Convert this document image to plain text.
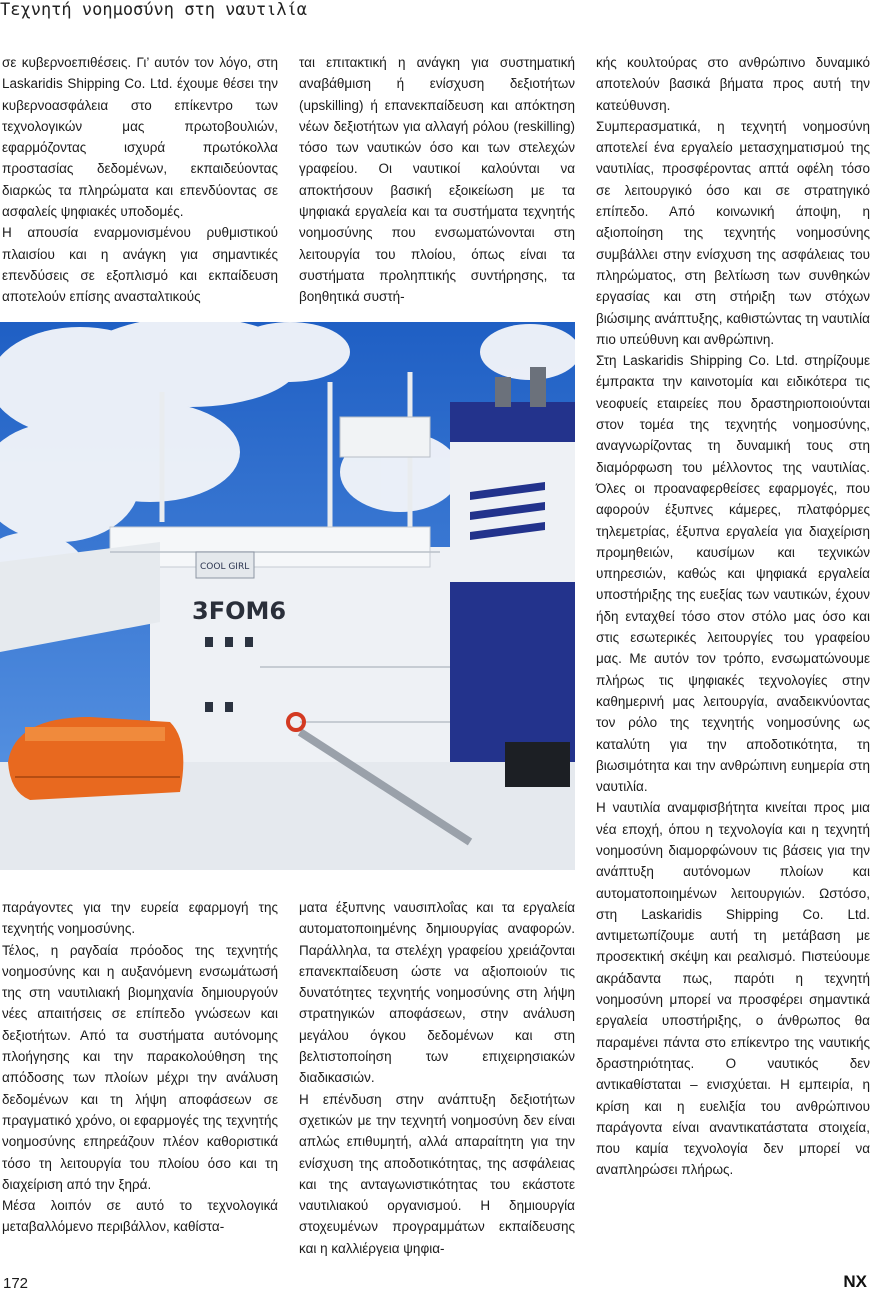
Τεχνητή νοημοσύνη στη ναυτιλία

σε κυβερνοεπιθέσεις. Γι’ αυτόν τον λόγο, στη Laskaridis Shipping Co. Ltd. έχουμε θέσει την κυβερνοασφάλεια στο επίκεντρο των τεχνολογικών μας πρωτοβουλιών, εφαρμόζοντας ισχυρά πρωτόκολλα προστασίας δεδομένων, εκπαιδεύοντας διαρκώς τα πληρώματα και επενδύοντας σε ασφαλείς ψηφιακές υποδομές.

Η απουσία εναρμονισμένου ρυθμιστικού πλαισίου και η ανάγκη για σημαντικές επενδύσεις σε εξοπλισμό και εκπαίδευση αποτελούν επίσης ανασταλτικούς

ται επιτακτική η ανάγκη για συστηματική αναβάθμιση ή ενίσχυση δεξιοτήτων (upskilling) ή επανεκπαίδευση και απόκτηση νέων δεξιοτήτων για αλλαγή ρόλου (reskilling) τόσο των ναυτικών όσο και των στελεχών γραφείου. Οι ναυτικοί καλούνται να αποκτήσουν βασική εξοικείωση με τα ψηφιακά εργαλεία και τα συστήματα τεχνητής νοημοσύνης που ενσωματώνονται στη λειτουργία του πλοίου, όπως είναι τα συστήματα προληπτικής συντήρησης, τα βοηθητικά συστή-

κής κουλτούρας στο ανθρώπινο δυναμικό αποτελούν βασικά βήματα προς αυτή την κατεύθυνση.

Συμπερασματικά, η τεχνητή νοημοσύνη αποτελεί ένα εργαλείο μετασχηματισμού της ναυτιλίας, προσφέροντας απτά οφέλη τόσο σε λειτουργικό όσο και σε στρατηγικό επίπεδο. Από κοινωνική άποψη, η αξιοποίηση της τεχνητής νοημοσύνης συμβάλλει στην ενίσχυση της ασφάλειας του πληρώματος, στη βελτίωση των συνθηκών εργασίας και στη στήριξη των στόχων βιώσιμης ανάπτυξης, καθιστώντας τη ναυτιλία πιο υπεύθυνη και ανθρώπινη.

Στη Laskaridis Shipping Co. Ltd. στηρίζουμε έμπρακτα την καινοτομία και ειδικότερα τις νεοφυείς εταιρείες που δραστηριοποιούνται στον τομέα της τεχνητής νοημοσύνης, αναγνωρίζοντας τη δυναμική τους στη διαμόρφωση του μέλλοντος της ναυτιλίας. Όλες οι προαναφερθείσες εφαρμογές, που αφορούν έξυπνες κάμερες, πλατφόρμες τηλεμετρίας, έξυπνα εργαλεία για διαχείριση προμηθειών, καυσίμων και τεχνικών υπηρεσιών, καθώς και ψηφιακά εργαλεία υποστήριξης της ευεξίας των ναυτικών, έχουν ήδη ενταχθεί τόσο στον στόλο μας όσο και στις εσωτερικές λειτουργίες του γραφείου μας. Με αυτόν τον τρόπο, ενσωματώνουμε πλήρως τις ψηφιακές τεχνολογίες στην καθημερινή μας λειτουργία, αναδεικνύοντας τον ρόλο της τεχνητής νοημοσύνης ως καταλύτη για την αποδοτικότητα, τη βιωσιμότητα και την ανθρώπινη ευημερία στη ναυτιλία.

Η ναυτιλία αναμφισβήτητα κινείται προς μια νέα εποχή, όπου η τεχνολογία και η τεχνητή νοημοσύνη διαμορφώνουν τις βάσεις για την ανάπτυξη αυτόνομων πλοίων και αυτοματοποιημένων λειτουργιών. Ωστόσο, στη Laskaridis Shipping Co. Ltd. αντιμετωπίζουμε αυτή τη μετάβαση με προσεκτική σκέψη και ρεαλισμό. Πιστεύουμε ακράδαντα πως, παρότι η τεχνητή νοημοσύνη μπορεί να προσφέρει σημαντικά εργαλεία υποστήριξης, ο άνθρωπος θα παραμένει πάντα στο επίκεντρο της ναυτικής δραστηριότητας. Ο ναυτικός δεν αντικαθίσταται – ενισχύεται. Η εμπειρία, η κρίση και η ευελιξία του ανθρώπινου παράγοντα είναι αναντικατάστατα στοιχεία, που καμία τεχνολογία δεν μπορεί να αναπληρώσει πλήρως.

3FOM6
COOL GIRL

παράγοντες για την ευρεία εφαρμογή της τεχνητής νοημοσύνης.

Τέλος, η ραγδαία πρόοδος της τεχνητής νοημοσύνης και η αυξανόμενη ενσωμάτωσή της στη ναυτιλιακή βιομηχανία δημιουργούν νέες απαιτήσεις σε επίπεδο γνώσεων και δεξιοτήτων. Από τα συστήματα αυτόνομης πλοήγησης και την παρακολούθηση της απόδοσης των πλοίων μέχρι την ανάλυση δεδομένων και τη λήψη αποφάσεων σε πραγματικό χρόνο, οι εφαρμογές της τεχνητής νοημοσύνης επηρεάζουν πλέον καθοριστικά τόσο τη λειτουργία του πλοίου όσο και τη διαχείριση από την ξηρά.

Μέσα λοιπόν σε αυτό το τεχνολογικά μεταβαλλόμενο περιβάλλον, καθίστα-

ματα έξυπνης ναυσιπλοΐας και τα εργαλεία αυτοματοποιημένης δημιουργίας αναφορών. Παράλληλα, τα στελέχη γραφείου χρειάζονται επανεκπαίδευση ώστε να αξιοποιούν τις δυνατότητες τεχνητής νοημοσύνης στη λήψη στρατηγικών αποφάσεων, στην ανάλυση μεγάλου όγκου δεδομένων και στη βελτιστοποίηση των επιχειρησιακών διαδικασιών.

Η επένδυση στην ανάπτυξη δεξιοτήτων σχετικών με την τεχνητή νοημοσύνη δεν είναι απλώς επιθυμητή, αλλά απαραίτητη για την ενίσχυση της αποδοτικότητας, της ασφάλειας και της ανταγωνιστικότητας του εκάστοτε ναυτιλιακού οργανισμού. Η δημιουργία στοχευμένων προγραμμάτων εκπαίδευσης και η καλλιέργεια ψηφια-

172	NX
